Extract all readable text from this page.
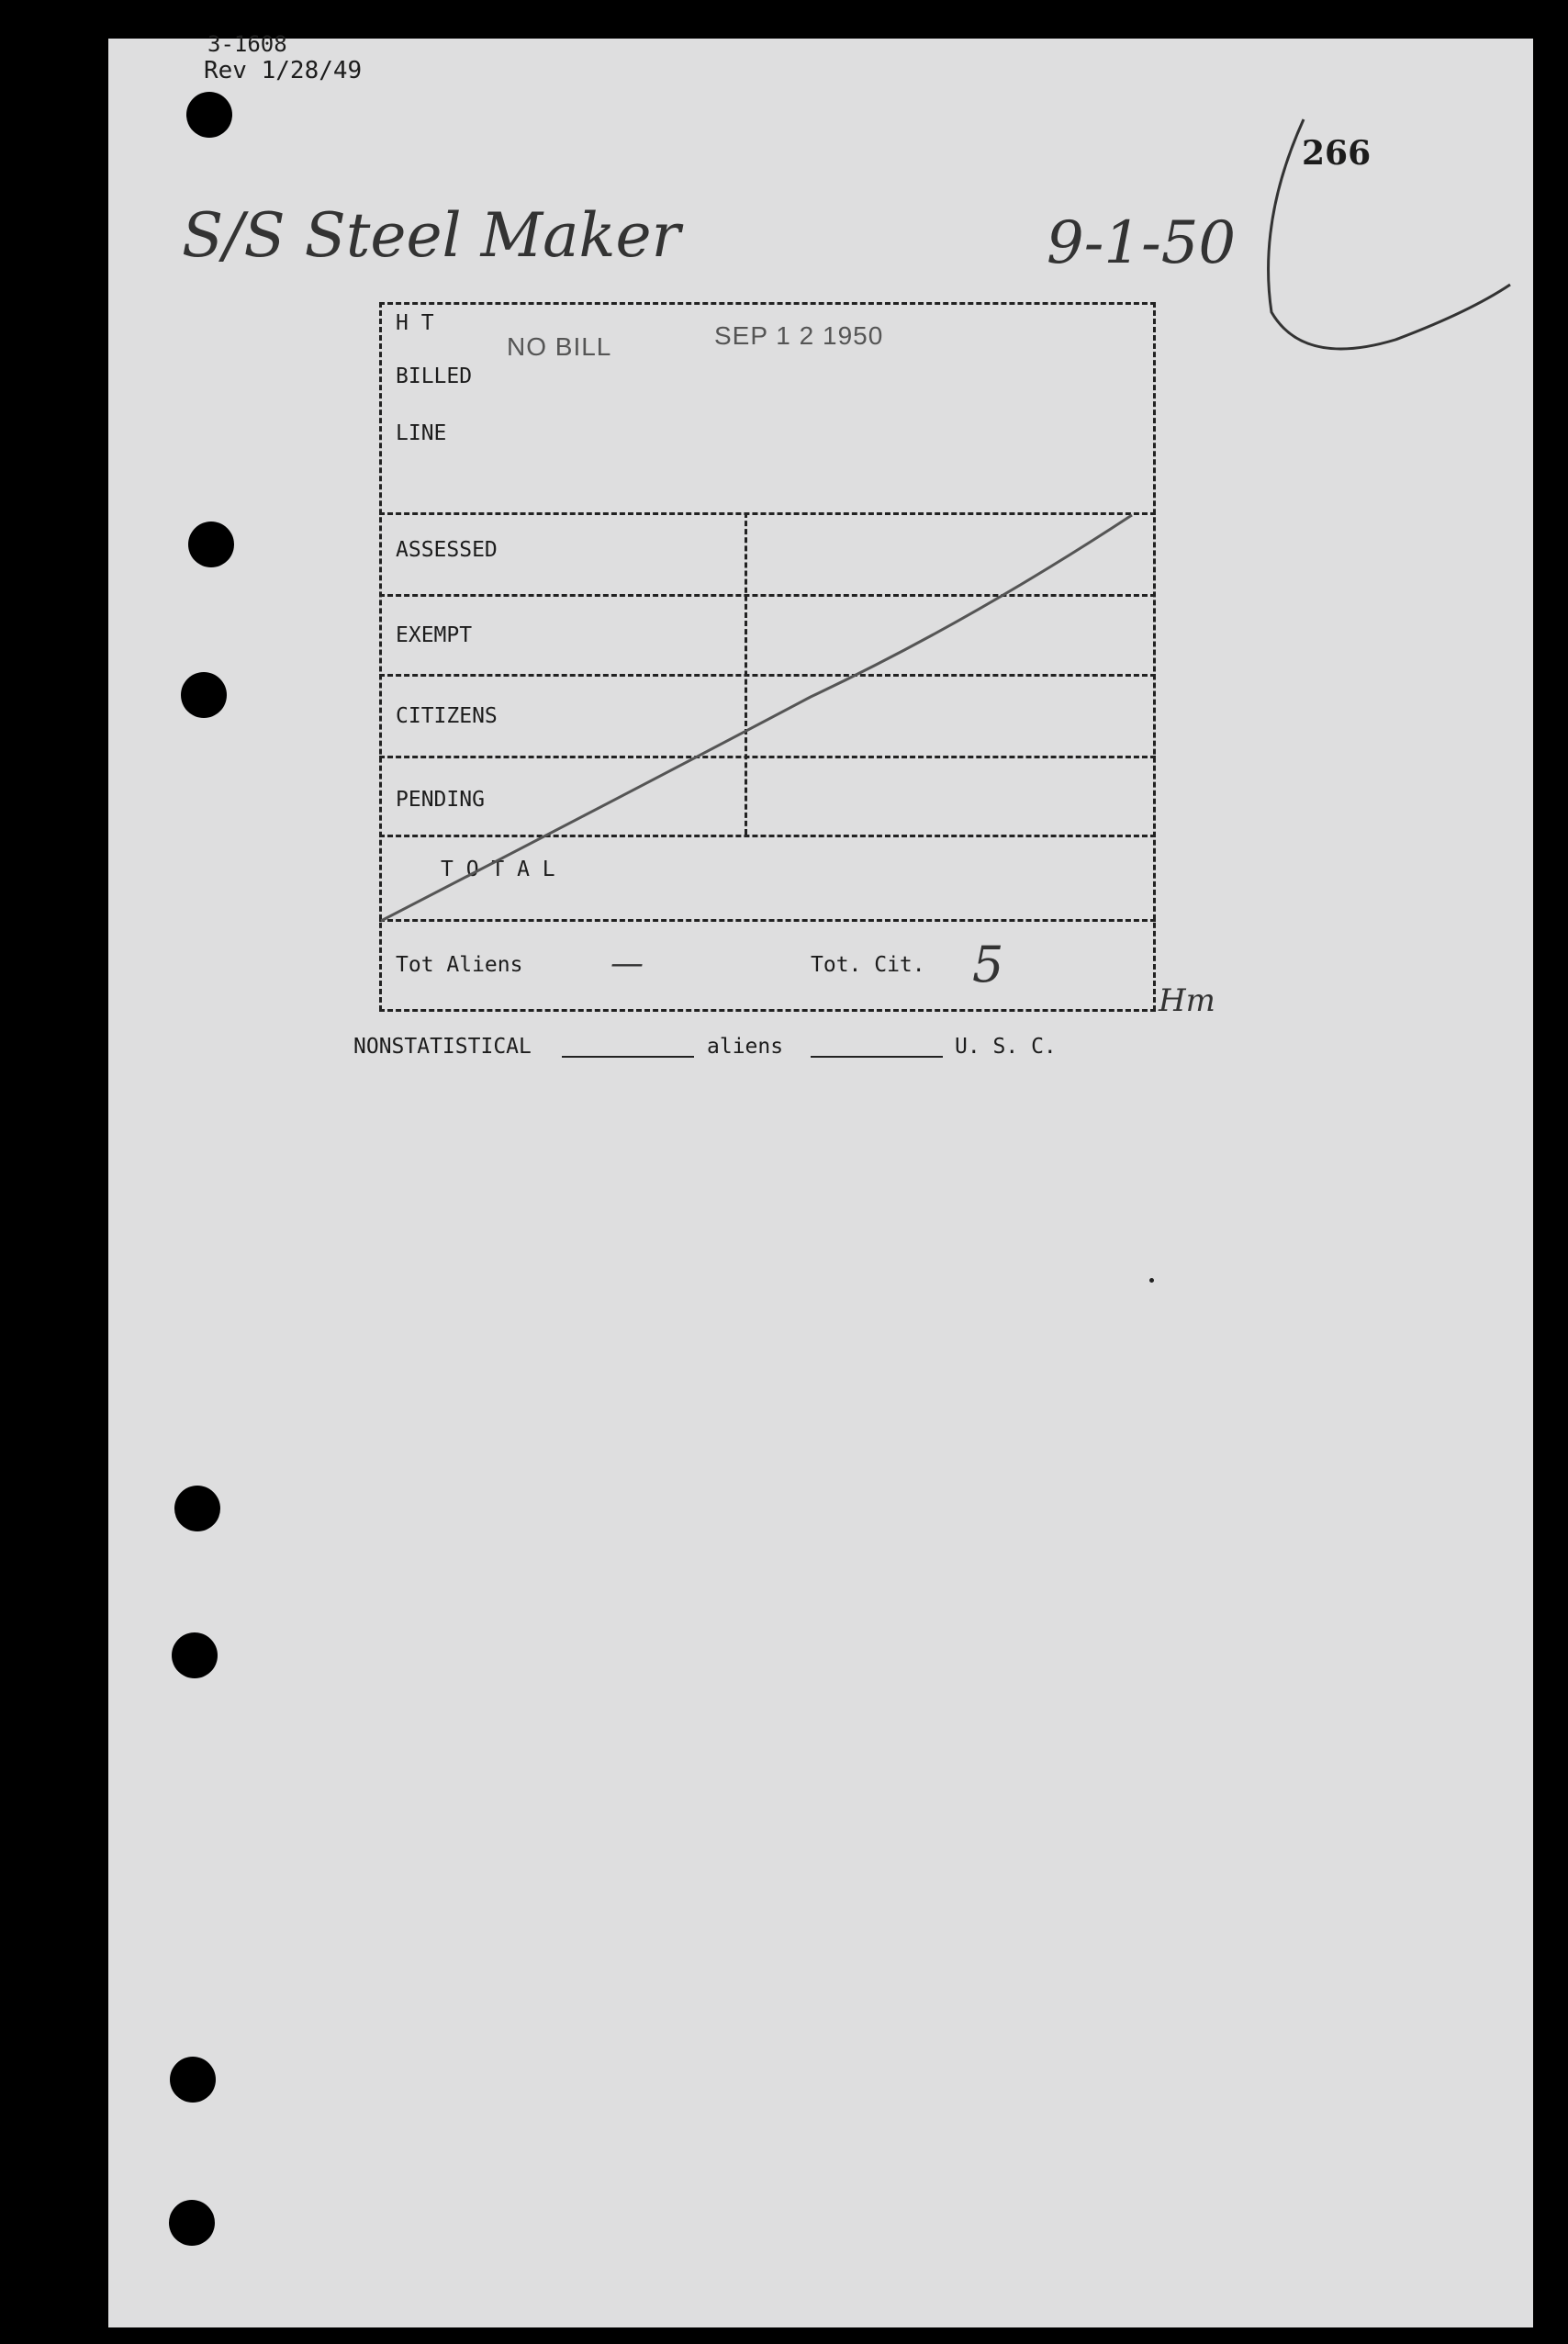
3-1608
Rev 1/28/49
266
S/S Steel Maker	9-1-50
NO BILL	SEP 1 2 1950
H T
BILLED
LINE
ASSESSED
EXEMPT
CITIZENS
PENDING
T O T A L
Tot Aliens	—	Tot. Cit. 5
Hm
NONSTATISTICAL	aliens	U. S. C.
